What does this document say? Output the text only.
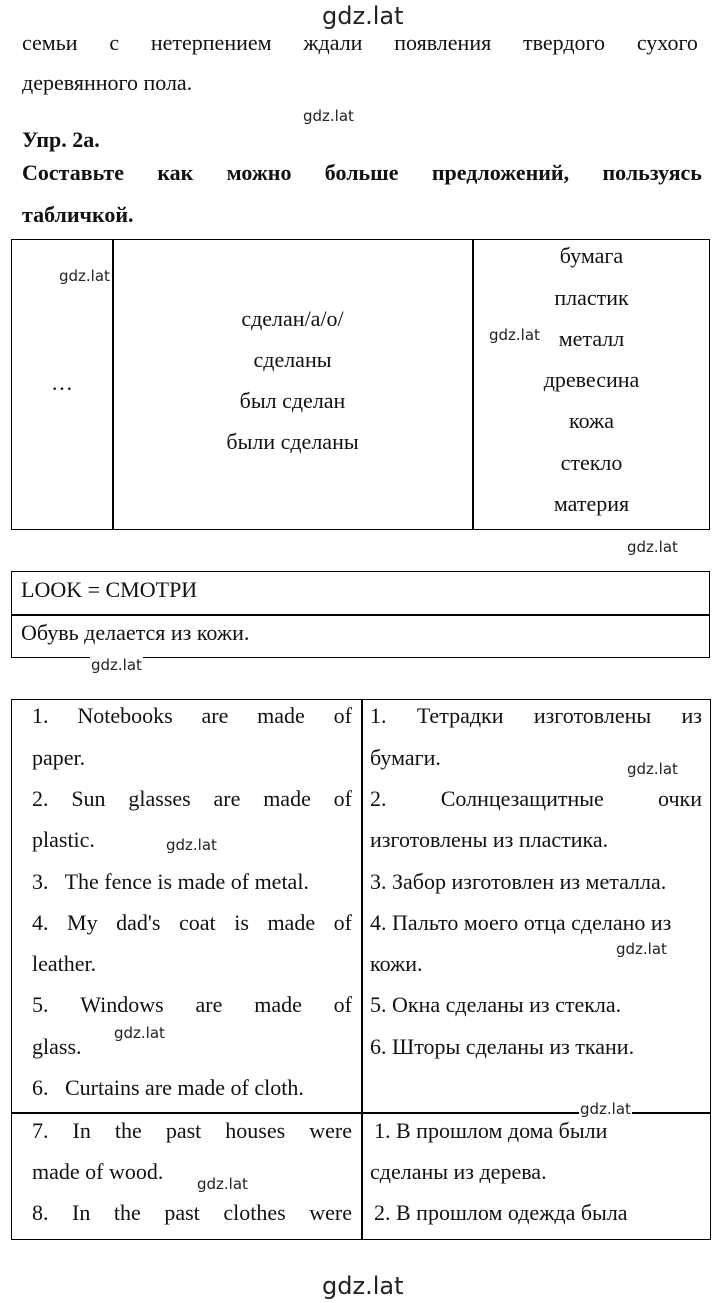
gdz.lat
gdz.lat
семьи с нетерпением ждали появления твердого сухого
деревянного пола.
gdz.lat
Упр. 2а.
Составьте как можно больше предложений, пользуясь
табличкой.
…
сделан/а/о/
сделаны
был сделан
были сделаны
бумага
пластик
металл
древесина
кожа
стекло
материя
gdz.lat
gdz.lat
gdz.lat
LOOK = СМОТРИ
Обувь делается из кожи.
gdz.lat
1. Notebooks are made of
paper.
2. Sun glasses are made of
plastic.
3.   The fence is made of metal.
4. My dad's coat is made of
leather.
5. Windows are made of
glass.
6.   Curtains are made of cloth.
1. Тетрадки изготовлены из
бумаги.
2. Солнцезащитные очки
изготовлены из пластика.
3. Забор изготовлен из металла.
4. Пальто моего отца сделано из
кожи.
5. Окна сделаны из стекла.
6. Шторы сделаны из ткани.
7. In the past houses were
made of wood.
8. In the past clothes were
1. В прошлом дома были
сделаны из дерева.
2. В прошлом одежда была
gdz.lat
gdz.lat
gdz.lat
gdz.lat
gdz.lat
gdz.lat
